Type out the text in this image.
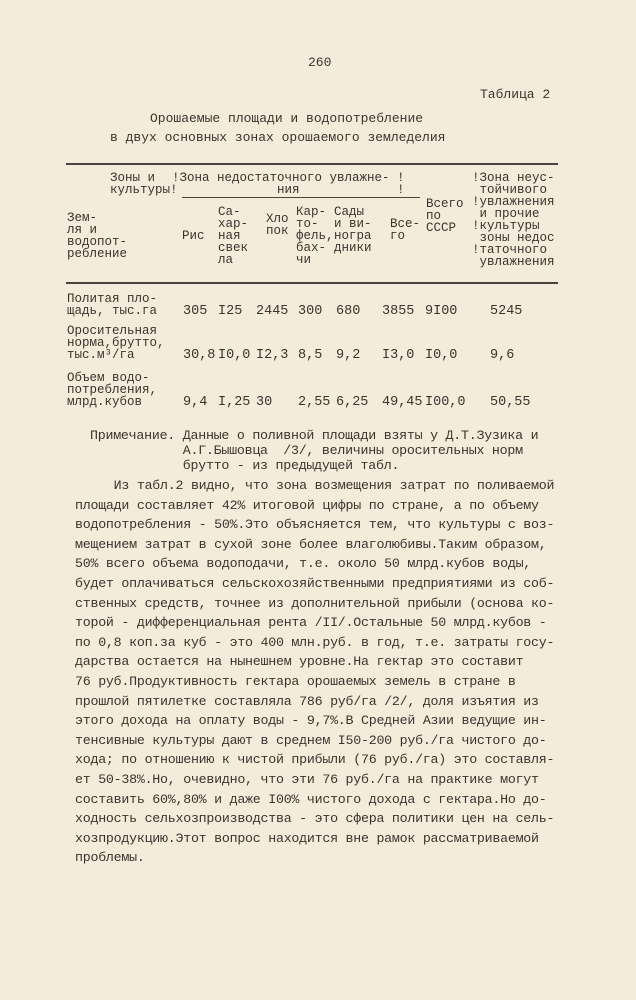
260
Таблица 2
Орошаемые площади и водопотребление
в двух основных зонах орошаемого земледелия
Зоны и
культуры!
!Зона недостаточного увлажне- !
ния             !
Зем-
ля и
водопот-
ребление
Рис
Са-
хар-
ная
свек
ла
Хло
пок
Кар-
то-
фель,
бах-
чи
Сады
и ви-
ногра
дники
Все-
го
Всего
по
СССР
!Зона неус-
тойчивого
!увлажнения
и прочие
!культуры
зоны недос
!таточного
увлажнения
Политая пло-
щадь, тыс.га 305 I25 2445 300 680 3855 9I00 5245
Оросительная
норма,брутто,
тыс.м³/га	30,8 I0,0 I2,3 8,5 9,2 I3,0 I0,0 9,6
Объем водо-
потребления,
млрд.кубов	9,4 I,25 30 2,55 6,25 49,45 I00,0 50,55
Примечание. Данные о поливной площади взяты у Д.Т.Зузика и
А.Г.Бышовца  /3/, величины оросительных норм
брутто - из предыдущей табл.
Из табл.2 видно, что зона возмещения затрат по поливаемой
площади составляет 42% итоговой цифры по стране, а по объему
водопотребления - 50%.Это объясняется тем, что культуры с воз-
мещением затрат в сухой зоне более влаголюбивы.Таким образом,
50% всего объема водоподачи, т.е. около 50 млрд.кубов воды,
будет оплачиваться сельскохозяйственными предприятиями из соб-
ственных средств, точнее из дополнительной прибыли (основа ко-
торой - дифференциальная рента /II/.Остальные 50 млрд.кубов -
по 0,8 коп.за куб - это 400 млн.руб. в год, т.е. затраты госу-
дарства остается на нынешнем уровне.На гектар это составит
76 руб.Продуктивность гектара орошаемых земель в стране в
прошлой пятилетке составляла 786 руб/га /2/, доля изъятия из
этого дохода на оплату воды - 9,7%.В Средней Азии ведущие ин-
тенсивные культуры дают в среднем I50-200 руб./га чистого до-
хода; по отношению к чистой прибыли (76 руб./га) это составля-
ет 50-38%.Но, очевидно, что эти 76 руб./га на практике могут
составить 60%,80% и даже I00% чистого дохода с гектара.Но до-
ходность сельхозпроизводства - это сфера политики цен на сель-
хозпродукцию.Этот вопрос находится вне рамок рассматриваемой
проблемы.
